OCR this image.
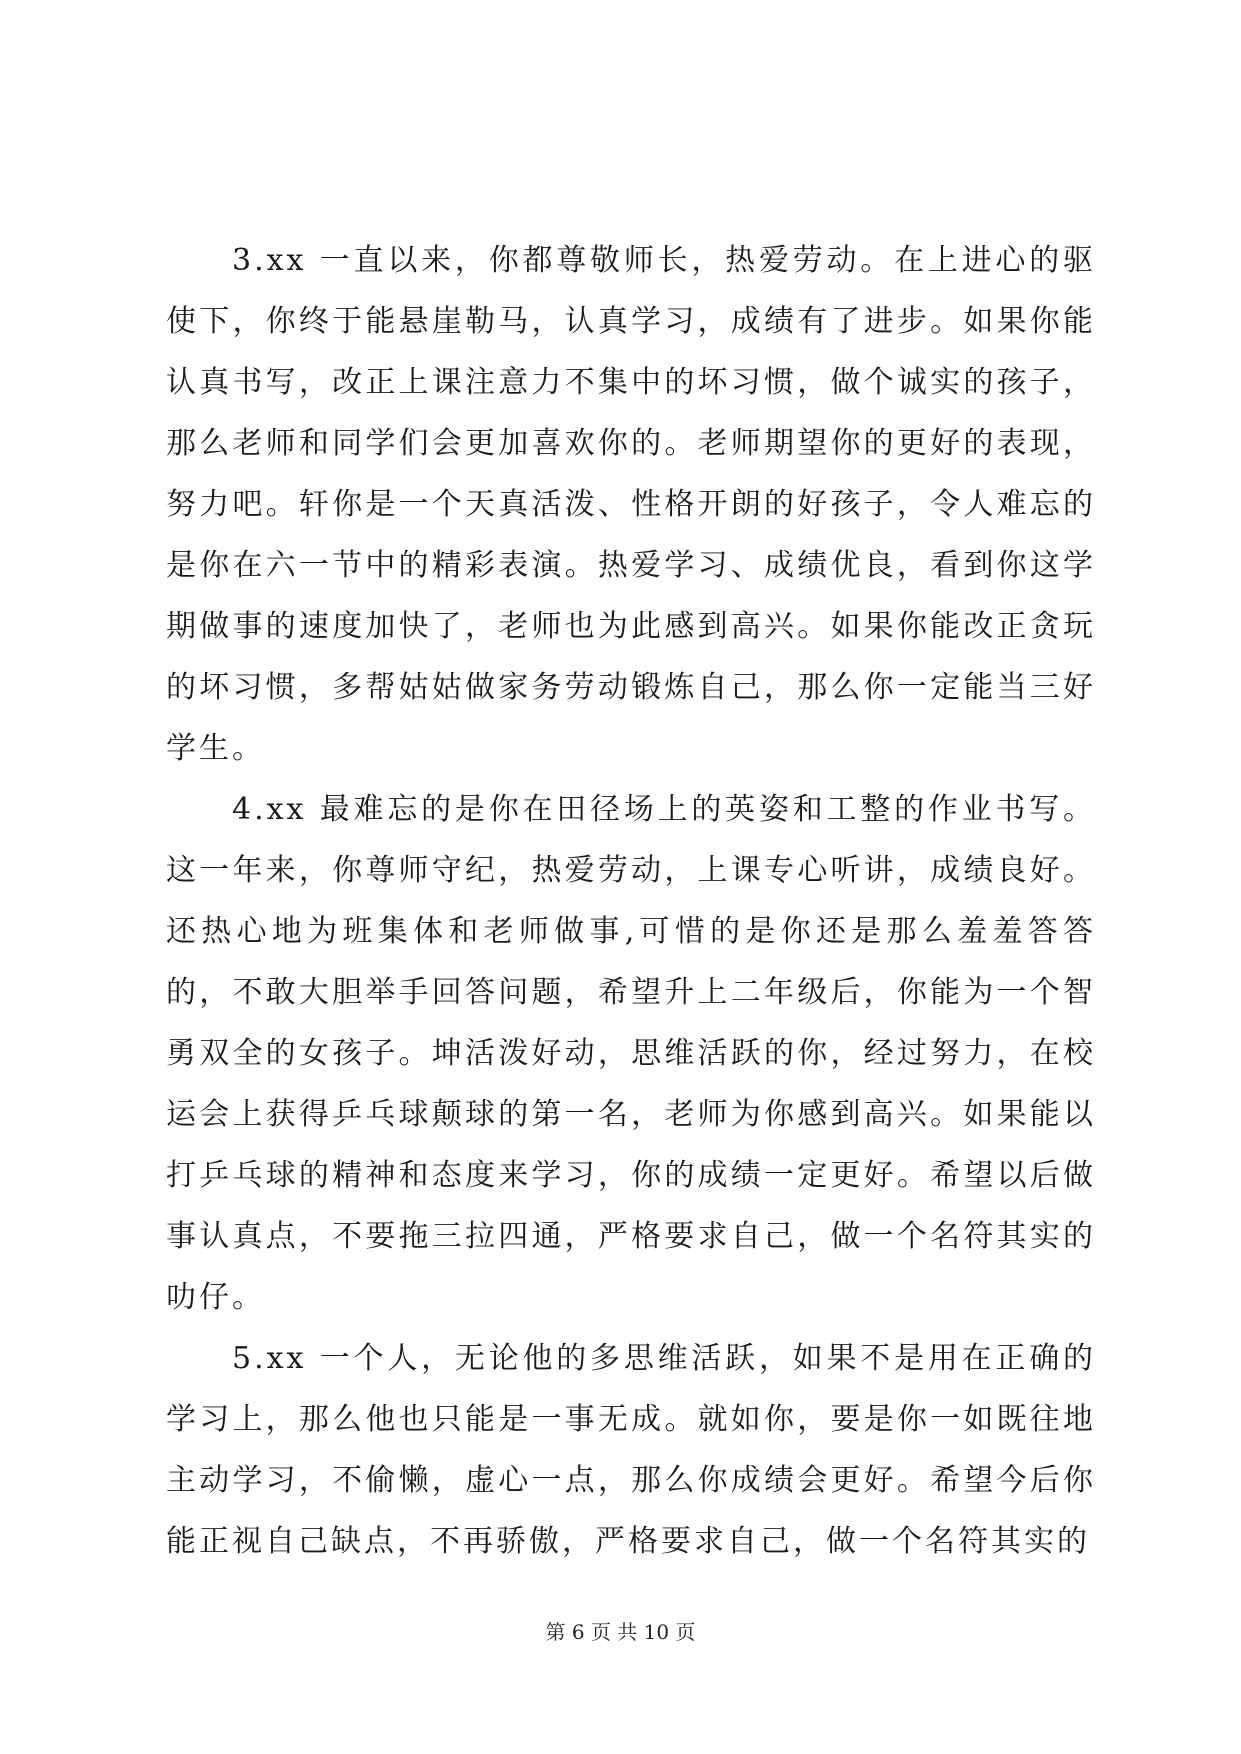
3.xx 一直以来，你都尊敬师长，热爱劳动。在上进心的驱使下，你终于能悬崖勒马，认真学习，成绩有了进步。如果你能认真书写，改正上课注意力不集中的坏习惯，做个诚实的孩子，那么老师和同学们会更加喜欢你的。老师期望你的更好的表现，努力吧。轩你是一个天真活泼、性格开朗的好孩子，令人难忘的是你在六一节中的精彩表演。热爱学习、成绩优良，看到你这学期做事的速度加快了，老师也为此感到高兴。如果你能改正贪玩的坏习惯，多帮姑姑做家务劳动锻炼自己，那么你一定能当三好学生。

4.xx 最难忘的是你在田径场上的英姿和工整的作业书写。这一年来，你尊师守纪，热爱劳动，上课专心听讲，成绩良好。还热心地为班集体和老师做事,可惜的是你还是那么羞羞答答的，不敢大胆举手回答问题，希望升上二年级后，你能为一个智勇双全的女孩子。坤活泼好动，思维活跃的你，经过努力，在校运会上获得乒乓球颠球的第一名，老师为你感到高兴。如果能以打乒乓球的精神和态度来学习，你的成绩一定更好。希望以后做事认真点，不要拖三拉四通，严格要求自己，做一个名符其实的叻仔。

5.xx 一个人，无论他的多思维活跃，如果不是用在正确的学习上，那么他也只能是一事无成。就如你，要是你一如既往地主动学习，不偷懒，虚心一点，那么你成绩会更好。希望今后你能正视自己缺点，不再骄傲，严格要求自己，做一个名符其实的

第 6 页 共 10 页
